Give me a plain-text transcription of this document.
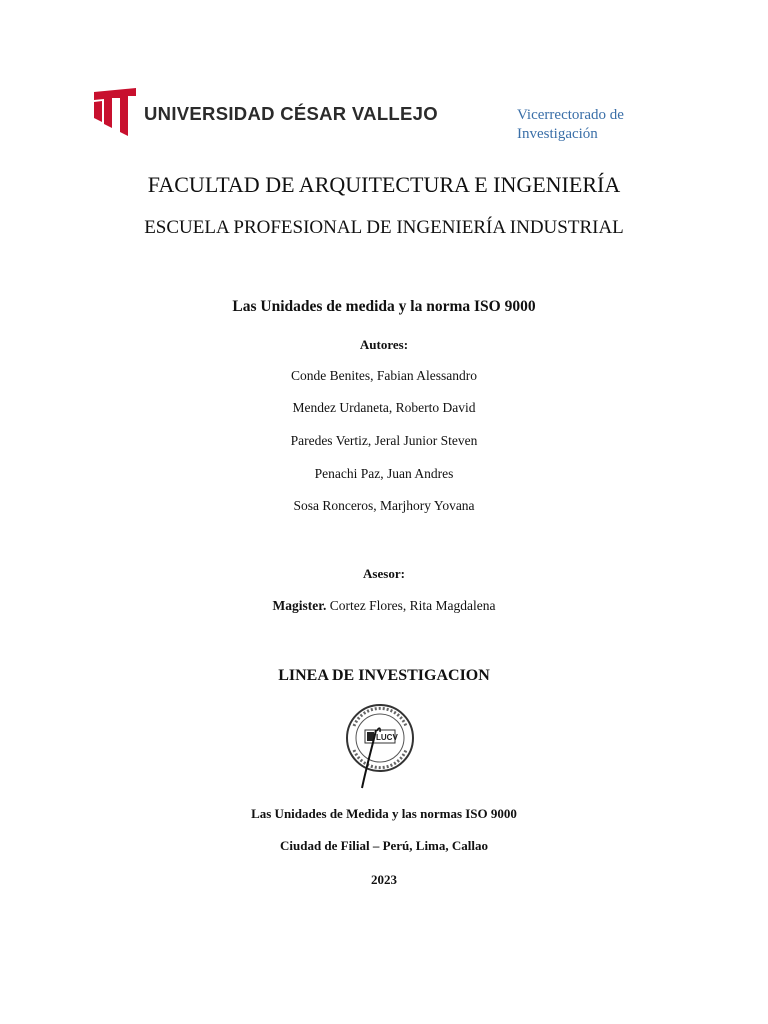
UNIVERSIDAD CÉSAR VALLEJO	Vicerrectorado de
Investigación
FACULTAD DE ARQUITECTURA E INGENIERÍA
ESCUELA PROFESIONAL DE INGENIERÍA INDUSTRIAL
Las Unidades de medida y la norma ISO 9000
Autores:
Conde Benites, Fabian Alessandro
Mendez Urdaneta, Roberto David
Paredes Vertiz, Jeral Junior Steven
Penachi Paz, Juan Andres
Sosa Ronceros, Marjhory Yovana
Asesor:
Magister. Cortez Flores, Rita Magdalena
LINEA DE INVESTIGACION
LUCV
Las Unidades de Medida y las normas ISO 9000
Ciudad de Filial – Perú, Lima, Callao
2023
